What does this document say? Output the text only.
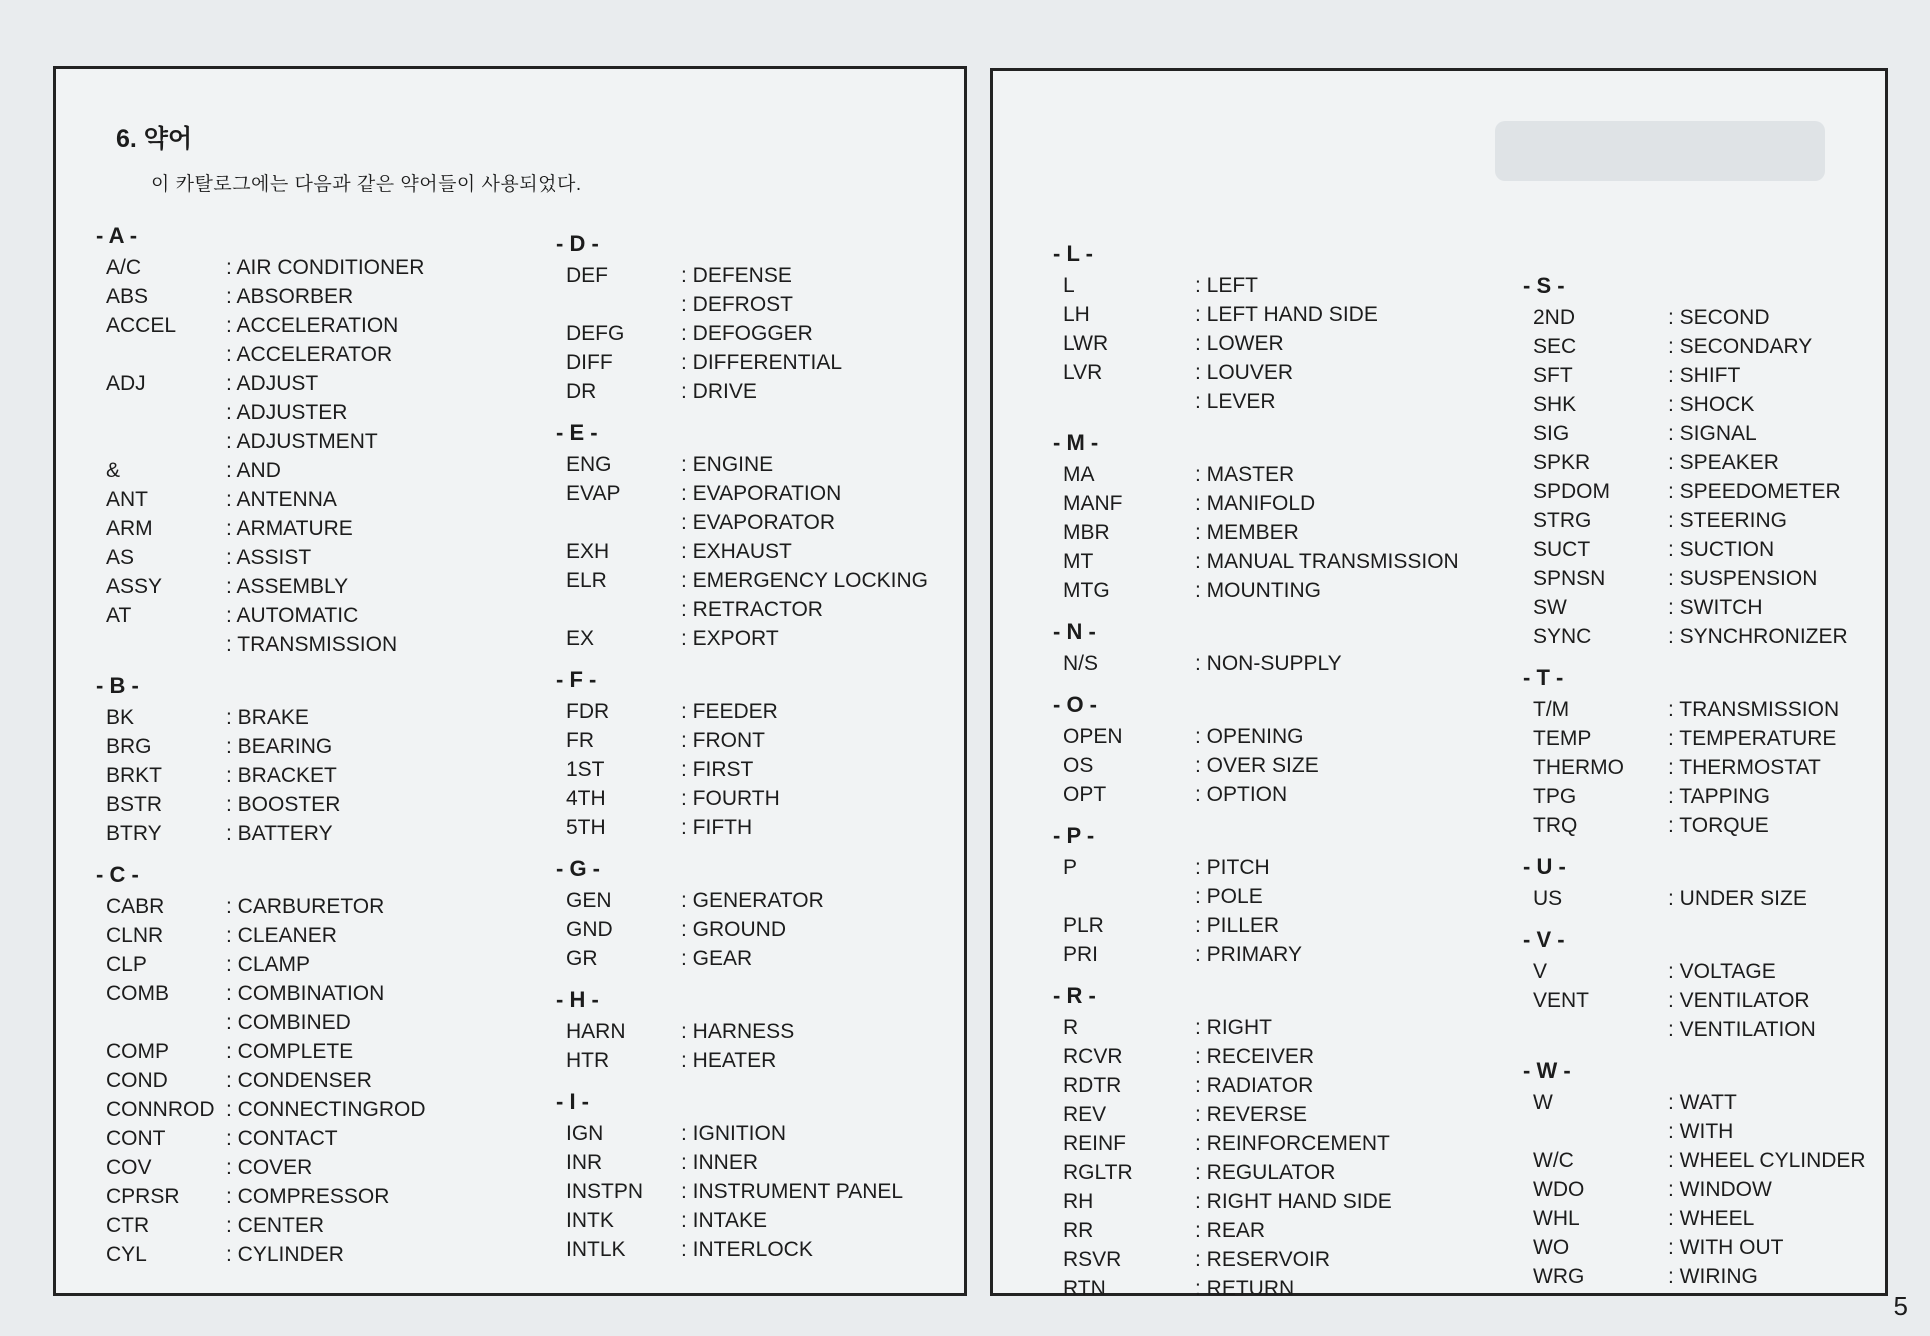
6. 약어
이 카탈로그에는 다음과 같은 약어들이 사용되었다.
- A -
A/C	: AIR CONDITIONER
ABS	: ABSORBER
ACCEL	: ACCELERATION
: ACCELERATOR
ADJ	: ADJUST
: ADJUSTER
: ADJUSTMENT
&	: AND
ANT	: ANTENNA
ARM	: ARMATURE
AS	: ASSIST
ASSY	: ASSEMBLY
AT	: AUTOMATIC
: TRANSMISSION
- B -
BK	: BRAKE
BRG	: BEARING
BRKT	: BRACKET
BSTR	: BOOSTER
BTRY	: BATTERY
- C -
CABR	: CARBURETOR
CLNR	: CLEANER
CLP	: CLAMP
COMB	: COMBINATION
: COMBINED
COMP	: COMPLETE
COND	: CONDENSER
CONNROD	: CONNECTINGROD
CONT	: CONTACT
COV	: COVER
CPRSR	: COMPRESSOR
CTR	: CENTER
CYL	: CYLINDER
- D -
DEF	: DEFENSE
: DEFROST
DEFG	: DEFOGGER
DIFF	: DIFFERENTIAL
DR	: DRIVE
- E -
ENG	: ENGINE
EVAP	: EVAPORATION
: EVAPORATOR
EXH	: EXHAUST
ELR	: EMERGENCY LOCKING
: RETRACTOR
EX	: EXPORT
- F -
FDR	: FEEDER
FR	: FRONT
1ST	: FIRST
4TH	: FOURTH
5TH	: FIFTH
- G -
GEN	: GENERATOR
GND	: GROUND
GR	: GEAR
- H -
HARN	: HARNESS
HTR	: HEATER
- I -
IGN	: IGNITION
INR	: INNER
INSTPN	: INSTRUMENT PANEL
INTK	: INTAKE
INTLK	: INTERLOCK
- L -
L	: LEFT
LH	: LEFT HAND SIDE
LWR	: LOWER
LVR	: LOUVER
: LEVER
- M -
MA	: MASTER
MANF	: MANIFOLD
MBR	: MEMBER
MT	: MANUAL TRANSMISSION
MTG	: MOUNTING
- N -
N/S	: NON-SUPPLY
- O -
OPEN	: OPENING
OS	: OVER SIZE
OPT	: OPTION
- P -
P	: PITCH
: POLE
PLR	: PILLER
PRI	: PRIMARY
- R -
R	: RIGHT
RCVR	: RECEIVER
RDTR	: RADIATOR
REV	: REVERSE
REINF	: REINFORCEMENT
RGLTR	: REGULATOR
RH	: RIGHT HAND SIDE
RR	: REAR
RSVR	: RESERVOIR
RTN	: RETURN
- S -
2ND	: SECOND
SEC	: SECONDARY
SFT	: SHIFT
SHK	: SHOCK
SIG	: SIGNAL
SPKR	: SPEAKER
SPDOM	: SPEEDOMETER
STRG	: STEERING
SUCT	: SUCTION
SPNSN	: SUSPENSION
SW	: SWITCH
SYNC	: SYNCHRONIZER
- T -
T/M	: TRANSMISSION
TEMP	: TEMPERATURE
THERMO	: THERMOSTAT
TPG	: TAPPING
TRQ	: TORQUE
- U -
US	: UNDER SIZE
- V -
V	: VOLTAGE
VENT	: VENTILATOR
: VENTILATION
- W -
W	: WATT
: WITH
W/C	: WHEEL CYLINDER
WDO	: WINDOW
WHL	: WHEEL
WO	: WITH OUT
WRG	: WIRING
5
